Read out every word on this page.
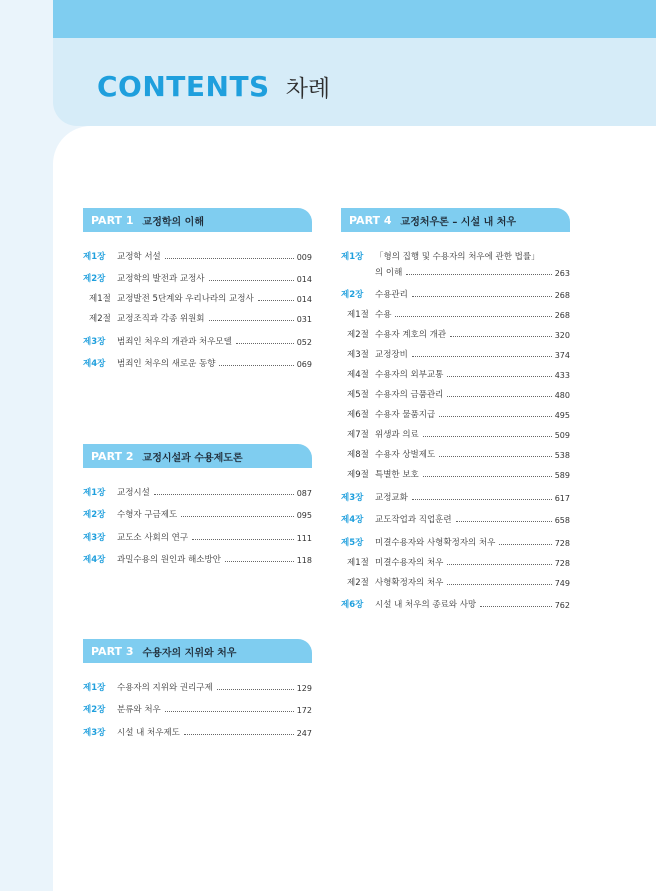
CONTENTS 차례
PART 1 교정학의 이해
제1장	교정학 서설	009
제2장	교정학의 발전과 교정사	014
제1절 교정발전 5단계와 우리나라의 교정사	014
제2절 교정조직과 각종 위원회	031
제3장	범죄인 처우의 개관과 처우모델	052
제4장	범죄인 처우의 새로운 동향	069
PART 2 교정시설과 수용제도론
제1장	교정시설	087
제2장	수형자 구금제도	095
제3장	교도소 사회의 연구	111
제4장	과밀수용의 원인과 해소방안	118
PART 3 수용자의 지위와 처우
제1장	수용자의 지위와 권리구제	129
제2장	분류와 처우	172
제3장	시설 내 처우제도	247
PART 4 교정처우론 – 시설 내 처우
제1장	「형의 집행 및 수용자의 처우에 관한 법률」
의 이해	263
제2장	수용관리	268
제1절 수용	268
제2절 수용자 계호의 개관	320
제3절 교정장비	374
제4절 수용자의 외부교통	433
제5절 수용자의 금품관리	480
제6절 수용자 물품지급	495
제7절 위생과 의료	509
제8절 수용자 상벌제도	538
제9절 특별한 보호	589
제3장	교정교화	617
제4장	교도작업과 직업훈련	658
제5장	미결수용자와 사형확정자의 처우	728
제1절 미결수용자의 처우	728
제2절 사형확정자의 처우	749
제6장	시설 내 처우의 종료와 사망	762
